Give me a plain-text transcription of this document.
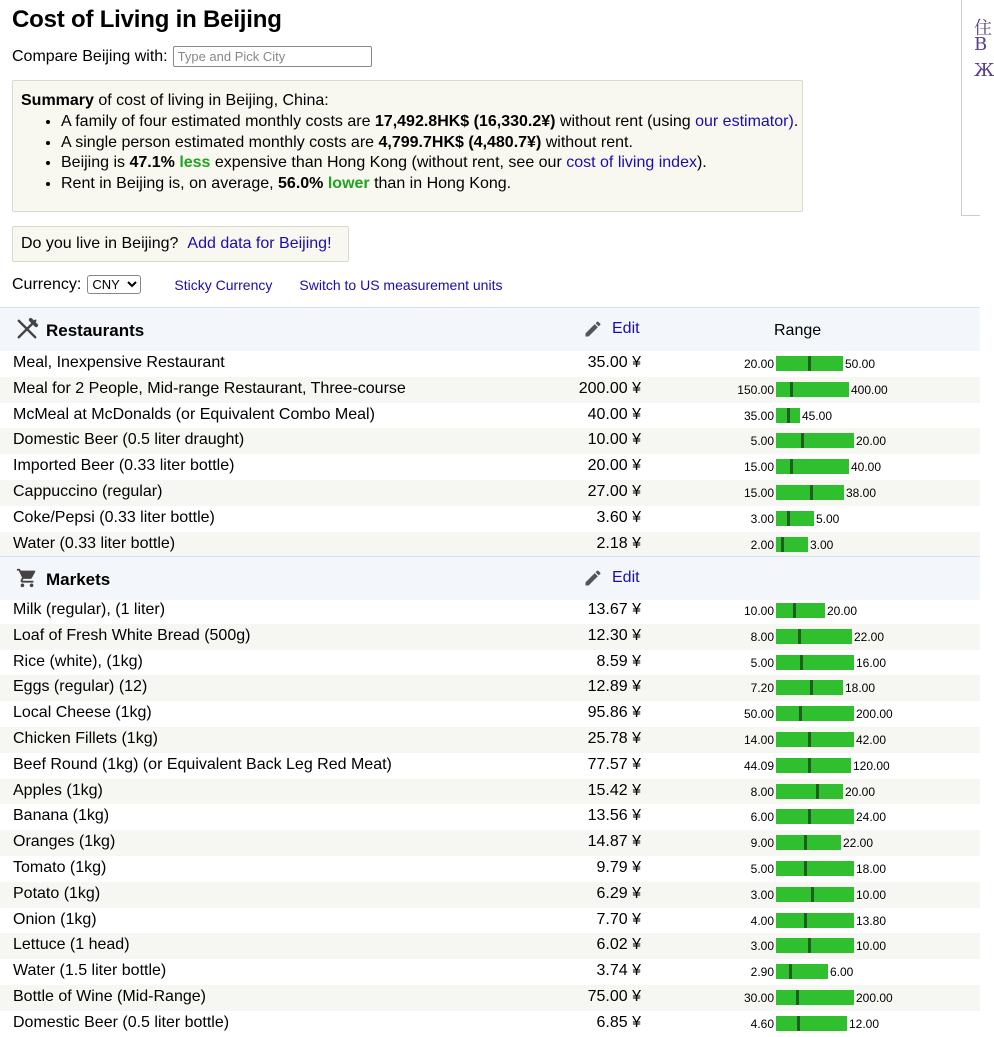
Cost of Living in Beijing
Compare Beijing with:
Type and Pick City
住
В
Ж
Summary of cost of living in Beijing, China:
• A family of four estimated monthly costs are 17,492.8HK$ (16,330.2¥) without rent (using our estimator).
• A single person estimated monthly costs are 4,799.7HK$ (4,480.7¥) without rent.
• Beijing is 47.1% less expensive than Hong Kong (without rent, see our cost of living index).
• Rent in Beijing is, on average, 56.0% lower than in Hong Kong.
Do you live in Beijing? Add data for Beijing!
Currency:
CNY	Sticky Currency Switch to US measurement units
Restaurants	Edit	Range
Meal, Inexpensive Restaurant	35.00 ¥	20.00	50.00
Meal for 2 People, Mid-range Restaurant, Three-course	200.00 ¥	150.00	400.00
McMeal at McDonalds (or Equivalent Combo Meal)	40.00 ¥	35.00 45.00
Domestic Beer (0.5 liter draught)	10.00 ¥	5.00	20.00
Imported Beer (0.33 liter bottle)	20.00 ¥	15.00	40.00
Cappuccino (regular)	27.00 ¥	15.00	38.00
Coke/Pepsi (0.33 liter bottle)	3.60 ¥	3.00	5.00
Water (0.33 liter bottle)	2.18 ¥	2.00	3.00
Markets	Edit
Milk (regular), (1 liter)	13.67 ¥	10.00	20.00
Loaf of Fresh White Bread (500g)	12.30 ¥	8.00	22.00
Rice (white), (1kg)	8.59 ¥	5.00	16.00
Eggs (regular) (12)	12.89 ¥	7.20	18.00
Local Cheese (1kg)	95.86 ¥	50.00	200.00
Chicken Fillets (1kg)	25.78 ¥	14.00	42.00
Beef Round (1kg) (or Equivalent Back Leg Red Meat)	77.57 ¥	44.09	120.00
Apples (1kg)	15.42 ¥	8.00	20.00
Banana (1kg)	13.56 ¥	6.00	24.00
Oranges (1kg)	14.87 ¥	9.00	22.00
Tomato (1kg)	9.79 ¥	5.00	18.00
Potato (1kg)	6.29 ¥	3.00	10.00
Onion (1kg)	7.70 ¥	4.00	13.80
Lettuce (1 head)	6.02 ¥	3.00	10.00
Water (1.5 liter bottle)	3.74 ¥	2.90	6.00
Bottle of Wine (Mid-Range)	75.00 ¥	30.00	200.00
Domestic Beer (0.5 liter bottle)	6.85 ¥	4.60	12.00
